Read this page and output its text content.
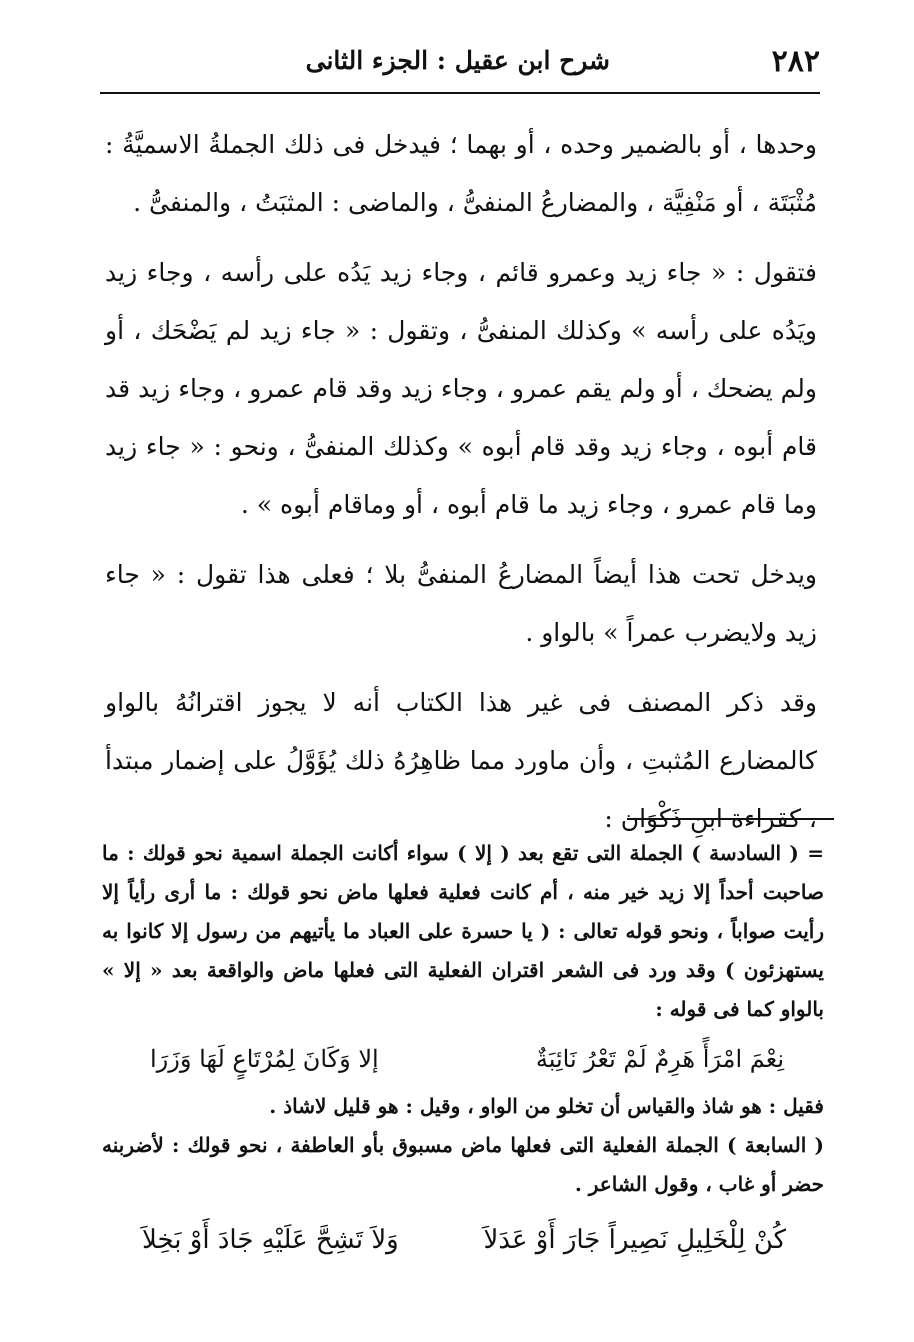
٢٨٢
شرح ابن عقيل : الجزء الثانى

وحدها ، أو بالضمير وحده ، أو بهما ؛ فيدخل فى ذلك الجملةُ الاسميَّةُ : مُثْبَتَة ، أو مَنْفِيَّة ، والمضارعُ المنفىُّ ، والماضى : المثبَتُ ، والمنفىُّ .

فتقول : « جاء زيد وعمرو قائم ، وجاء زيد يَدُه على رأسه ، وجاء زيد ويَدُه على رأسه » وكذلك المنفىُّ ، وتقول : « جاء زيد لم يَضْحَك ، أو ولم يضحك ، أو ولم يقم عمرو ، وجاء زيد وقد قام عمرو ، وجاء زيد قد قام أبوه ، وجاء زيد وقد قام أبوه » وكذلك المنفىُّ ، ونحو : « جاء زيد وما قام عمرو ، وجاء زيد ما قام أبوه ، أو وماقام أبوه » .

ويدخل تحت هذا أيضاً المضارعُ المنفىُّ بلا ؛ فعلى هذا تقول : « جاء زيد ولايضرب عمراً » بالواو .

وقد ذكر المصنف فى غير هذا الكتاب أنه لا يجوز اقترانُهُ بالواو كالمضارع المُثبتِ ، وأن ماورد مما ظاهِرُهُ ذلك يُؤَوَّلُ على إضمار مبتدأ ، كقراءة ابنِ ذَكْوَان :

= ( السادسة ) الجملة التى تقع بعد ( إلا ) سواء أكانت الجملة اسمية نحو قولك : ما صاحبت أحداً إلا زيد خير منه ، أم كانت فعلية فعلها ماض نحو قولك : ما أرى رأياً إلا رأيت صواباً ، ونحو قوله تعالى : ( يا حسرة على العباد ما يأتيهم من رسول إلا كانوا به يستهزئون ) وقد ورد فى الشعر اقتران الفعلية التى فعلها ماض والواقعة بعد « إلا » بالواو كما فى قوله :

نِعْمَ امْرَأً هَرِمٌ لَمْ تَعْرُ نَائِبَةٌ
إلا وَكَانَ لِمُرْتَاعٍ لَهَا وَزَرَا

فقيل : هو شاذ والقياس أن تخلو من الواو ، وقيل : هو قليل لاشاذ .

( السابعة ) الجملة الفعلية التى فعلها ماض مسبوق بأو العاطفة ، نحو قولك : لأضربنه حضر أو غاب ، وقول الشاعر .

كُنْ لِلْخَلِيلِ نَصِيراً جَارَ أَوْ عَدَلاَ
وَلاَ تَشِحَّ عَلَيْهِ جَادَ أَوْ بَخِلاَ
